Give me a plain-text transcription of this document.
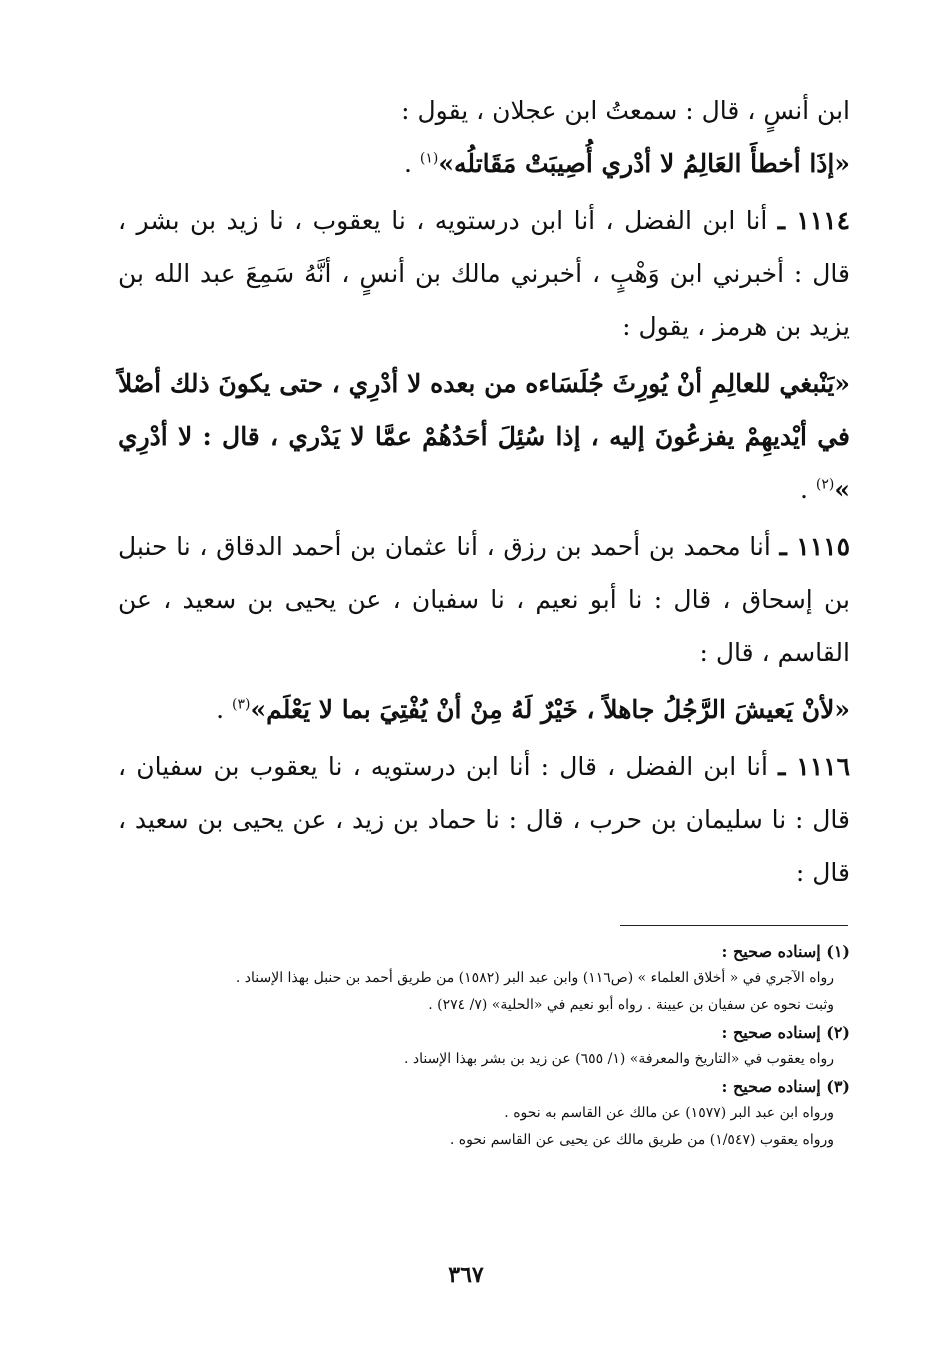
ابن أنسٍ ، قال : سمعتُ ابن عجلان ، يقول :

«إذَا أخطأَ العَالِمُ لا أدْري أُصِيبَتْ مَقَاتلُه»$^{(١)}$ .

١١١٤ ـ أنا ابن الفضل ، أنا ابن درستويه ، نا يعقوب ، نا زيد بن بشر ، قال : أخبرني ابن وَهْبٍ ، أخبرني مالك بن أنسٍ ، أنَّهُ سَمِعَ عبد الله بن يزيد بن هرمز ، يقول :

«يَنْبغي للعالِمِ أنْ يُورِثَ جُلَسَاءه من بعده لا أدْرِي ، حتى يكونَ ذلك أصْلاً في أيْديهِمْ يفزعُونَ إليه ، إذا سُئِلَ أحَدُهُمْ عمَّا لا يَدْري ، قال : لا أدْرِي »$^{(٢)}$ .

١١١٥ ـ أنا محمد بن أحمد بن رزق ، أنا عثمان بن أحمد الدقاق ، نا حنبل بن إسحاق ، قال : نا أبو نعيم ، نا سفيان ، عن يحيى بن سعيد ، عن القاسم ، قال :

«لأنْ يَعيشَ الرَّجُلُ جاهلاً ، خَيْرٌ لَهُ مِنْ أنْ يُفْتِيَ بما لا يَعْلَم»$^{(٣)}$ .

١١١٦ ـ أنا ابن الفضل ، قال : أنا ابن درستويه ، نا يعقوب بن سفيان ، قال : نا سليمان بن حرب ، قال : نا حماد بن زيد ، عن يحيى بن سعيد ، قال :

(١) إسناده صحيح :

رواه الآجري في « أخلاق العلماء » (ص١١٦) وابن عبد البر (١٥٨٢) من طريق أحمد بن حنبل بهذا الإسناد .

وثبت نحوه عن سفيان بن عيينة . رواه أبو نعيم في «الحلية» (٧/ ٢٧٤) .

(٢) إسناده صحيح :

رواه يعقوب في «التاريخ والمعرفة» (١/ ٦٥٥) عن زيد بن بشر بهذا الإسناد .

(٣) إسناده صحيح :

ورواه ابن عبد البر (١٥٧٧) عن مالك عن القاسم به نحوه .

ورواه يعقوب (١/٥٤٧) من طريق مالك عن يحيى عن القاسم نحوه .

٣٦٧
